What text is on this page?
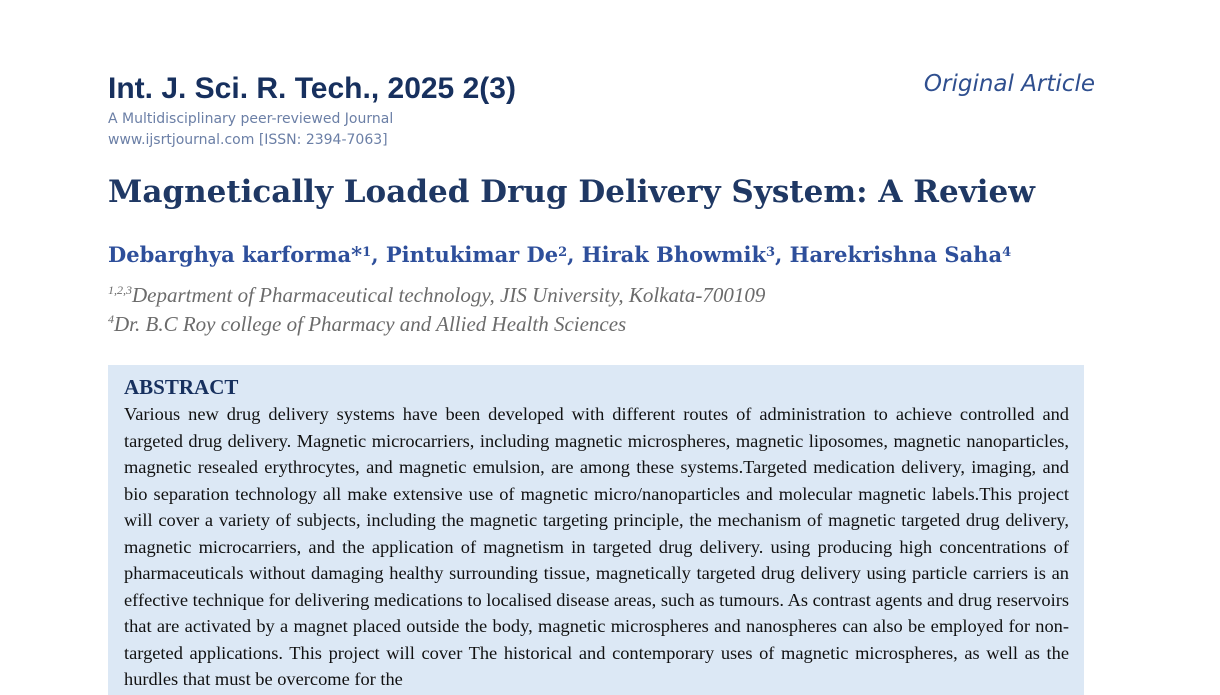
Int. J. Sci. R. Tech., 2025 2(3)	Original Article
A Multidisciplinary peer-reviewed Journal
www.ijsrtjournal.com [ISSN: 2394-7063]
Magnetically Loaded Drug Delivery System: A Review
Debarghya karforma*$^1$, Pintukimar De$^2$, Hirak Bhowmik$^3$, Harekrishna Saha$^4$
$^{1,2,3}$Department of Pharmaceutical technology, JIS University, Kolkata-700109
$^4$Dr. B.C Roy college of Pharmacy and Allied Health Sciences
ABSTRACT

Various new drug delivery systems have been developed with different routes of administration to achieve controlled and targeted drug delivery. Magnetic microcarriers, including magnetic microspheres, magnetic liposomes, magnetic nanoparticles, magnetic resealed erythrocytes, and magnetic emulsion, are among these systems.Targeted medication delivery, imaging, and bio separation technology all make extensive use of magnetic micro/nanoparticles and molecular magnetic labels.This project will cover a variety of subjects, including the magnetic targeting principle, the mechanism of magnetic targeted drug delivery, magnetic microcarriers, and the application of magnetism in targeted drug delivery. using producing high concentrations of pharmaceuticals without damaging healthy surrounding tissue, magnetically targeted drug delivery using particle carriers is an effective technique for delivering medications to localised disease areas, such as tumours. As contrast agents and drug reservoirs that are activated by a magnet placed outside the body, magnetic microspheres and nanospheres can also be employed for non-targeted applications. This project will cover The historical and contemporary uses of magnetic microspheres, as well as the hurdles that must be overcome for the
